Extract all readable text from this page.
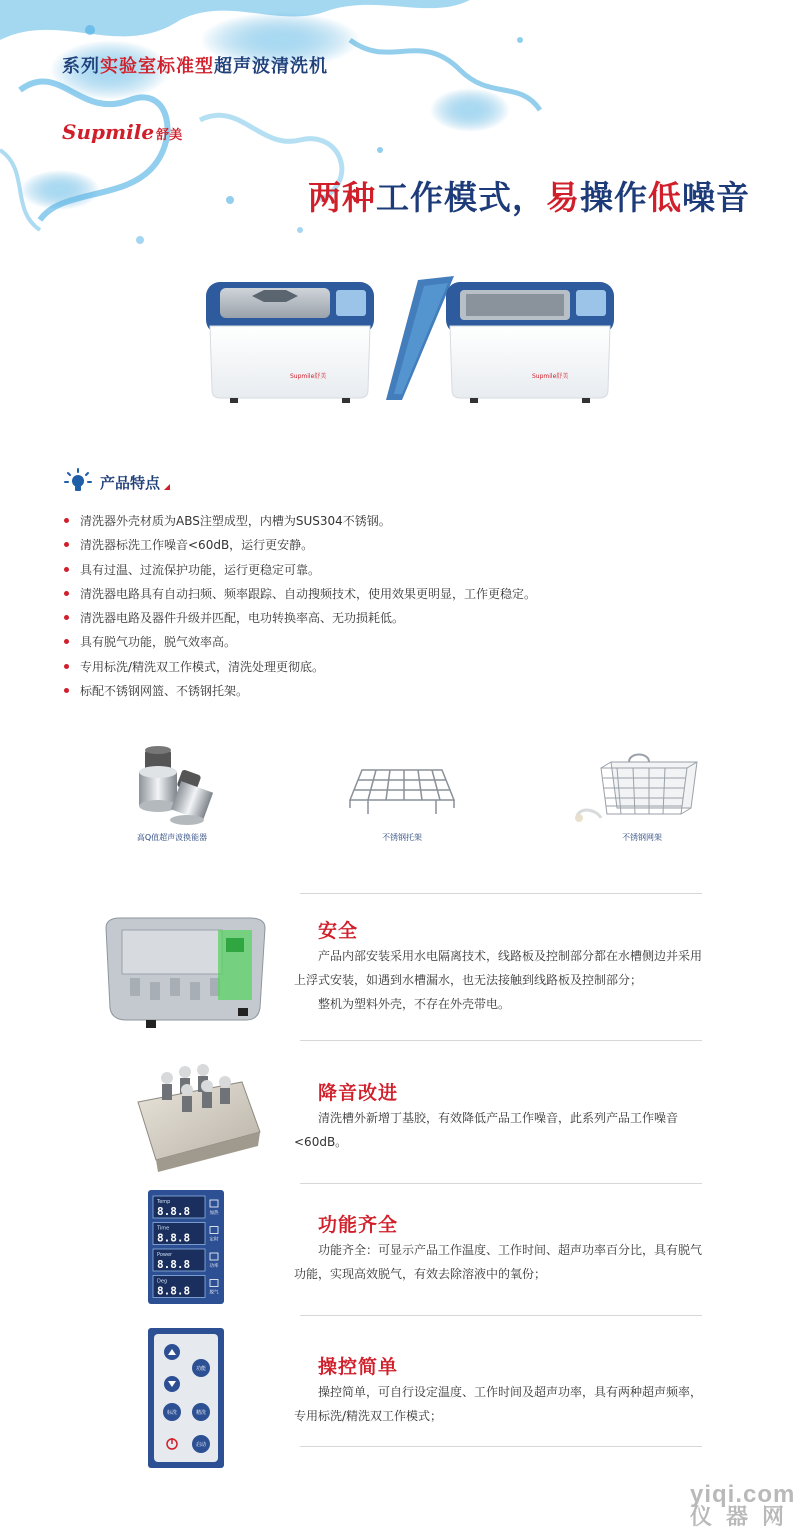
系列实验室标准型超声波清洗机
Supmile 舒美
两种工作模式，易操作低噪音
Supmile舒美	Supmile舒美
产品特点
清洗器外壳材质为ABS注塑成型，内槽为SUS304不锈钢。
清洗器标洗工作噪音<60dB，运行更安静。
具有过温、过流保护功能，运行更稳定可靠。
清洗器电路具有自动扫频、频率跟踪、自动搜频技术，使用效果更明显，工作更稳定。
清洗器电路及器件升级并匹配，电功转换率高、无功损耗低。
具有脱气功能，脱气效率高。
专用标洗/精洗双工作模式，清洗处理更彻底。
标配不锈钢网篮、不锈钢托架。
高Q值超声波换能器	不锈钢托架	不锈钢网架
安全

产品内部安装采用水电隔离技术，线路板及控制部分都在水槽侧边并采用上浮式安装，如遇到水槽漏水，也无法接触到线路板及控制部分；

整机为塑料外壳，不存在外壳带电。

降音改进

清洗槽外新增丁基胶，有效降低产品工作噪音，此系列产品工作噪音<60dB。

Temp
8.8.8	加热
Time
8.8.8	定时
Power
8.8.8	功率
Deg
8.8.8	脱气
功能齐全

功能齐全：可显示产品工作温度、工作时间、超声功率百分比，具有脱气功能，实现高效脱气，有效去除溶液中的氧份；

功能
标洗	精洗
启动
操控简单

操控简单，可自行设定温度、工作时间及超声功率，具有两种超声频率，专用标洗/精洗双工作模式；

yiqi.com
仪器网
